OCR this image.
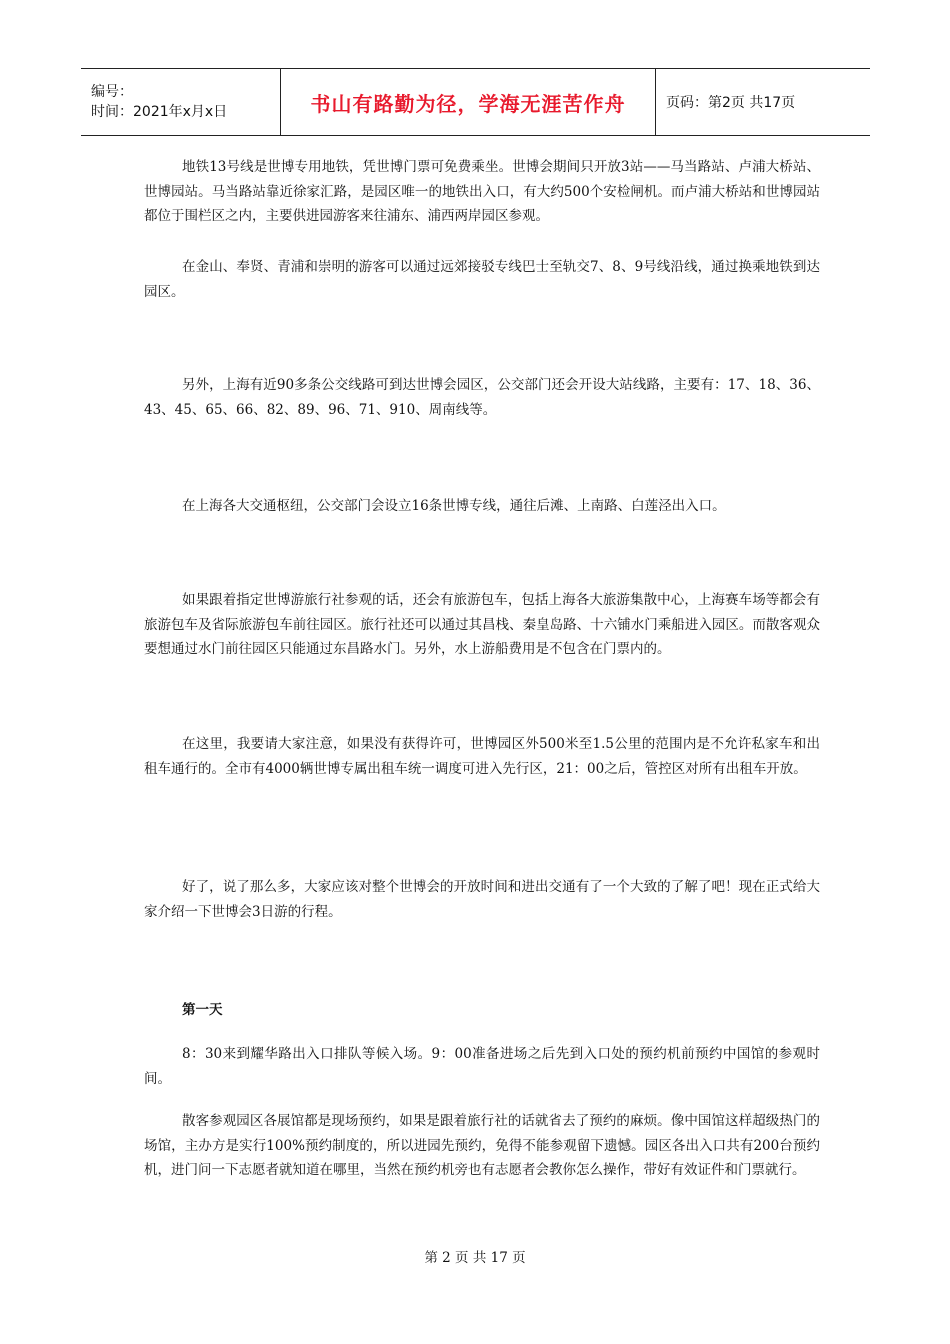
编号：
时间：2021年x月x日	书山有路勤为径，学海无涯苦作舟	页码：第2页 共17页

地铁13号线是世博专用地铁，凭世博门票可免费乘坐。世博会期间只开放3站——马当路站、卢浦大桥站、世博园站。马当路站靠近徐家汇路，是园区唯一的地铁出入口，有大约500个安检闸机。而卢浦大桥站和世博园站都位于围栏区之内，主要供进园游客来往浦东、浦西两岸园区参观。

在金山、奉贤、青浦和崇明的游客可以通过远郊接驳专线巴士至轨交7、8、9号线沿线，通过换乘地铁到达园区。

另外，上海有近90多条公交线路可到达世博会园区，公交部门还会开设大站线路，主要有：17、18、36、43、45、65、66、82、89、96、71、910、周南线等。

在上海各大交通枢纽，公交部门会设立16条世博专线，通往后滩、上南路、白莲泾出入口。

如果跟着指定世博游旅行社参观的话，还会有旅游包车，包括上海各大旅游集散中心，上海赛车场等都会有旅游包车及省际旅游包车前往园区。旅行社还可以通过其昌栈、秦皇岛路、十六铺水门乘船进入园区。而散客观众要想通过水门前往园区只能通过东昌路水门。另外，水上游船费用是不包含在门票内的。

在这里，我要请大家注意，如果没有获得许可，世博园区外500米至1.5公里的范围内是不允许私家车和出租车通行的。全市有4000辆世博专属出租车统一调度可进入先行区，21：00之后，管控区对所有出租车开放。

好了，说了那么多，大家应该对整个世博会的开放时间和进出交通有了一个大致的了解了吧！现在正式给大家介绍一下世博会3日游的行程。

第一天

8：30来到耀华路出入口排队等候入场。9：00准备进场之后先到入口处的预约机前预约中国馆的参观时间。

散客参观园区各展馆都是现场预约，如果是跟着旅行社的话就省去了预约的麻烦。像中国馆这样超级热门的场馆，主办方是实行100%预约制度的，所以进园先预约，免得不能参观留下遗憾。园区各出入口共有200台预约机，进门问一下志愿者就知道在哪里，当然在预约机旁也有志愿者会教你怎么操作，带好有效证件和门票就行。

第 2 页 共 17 页
